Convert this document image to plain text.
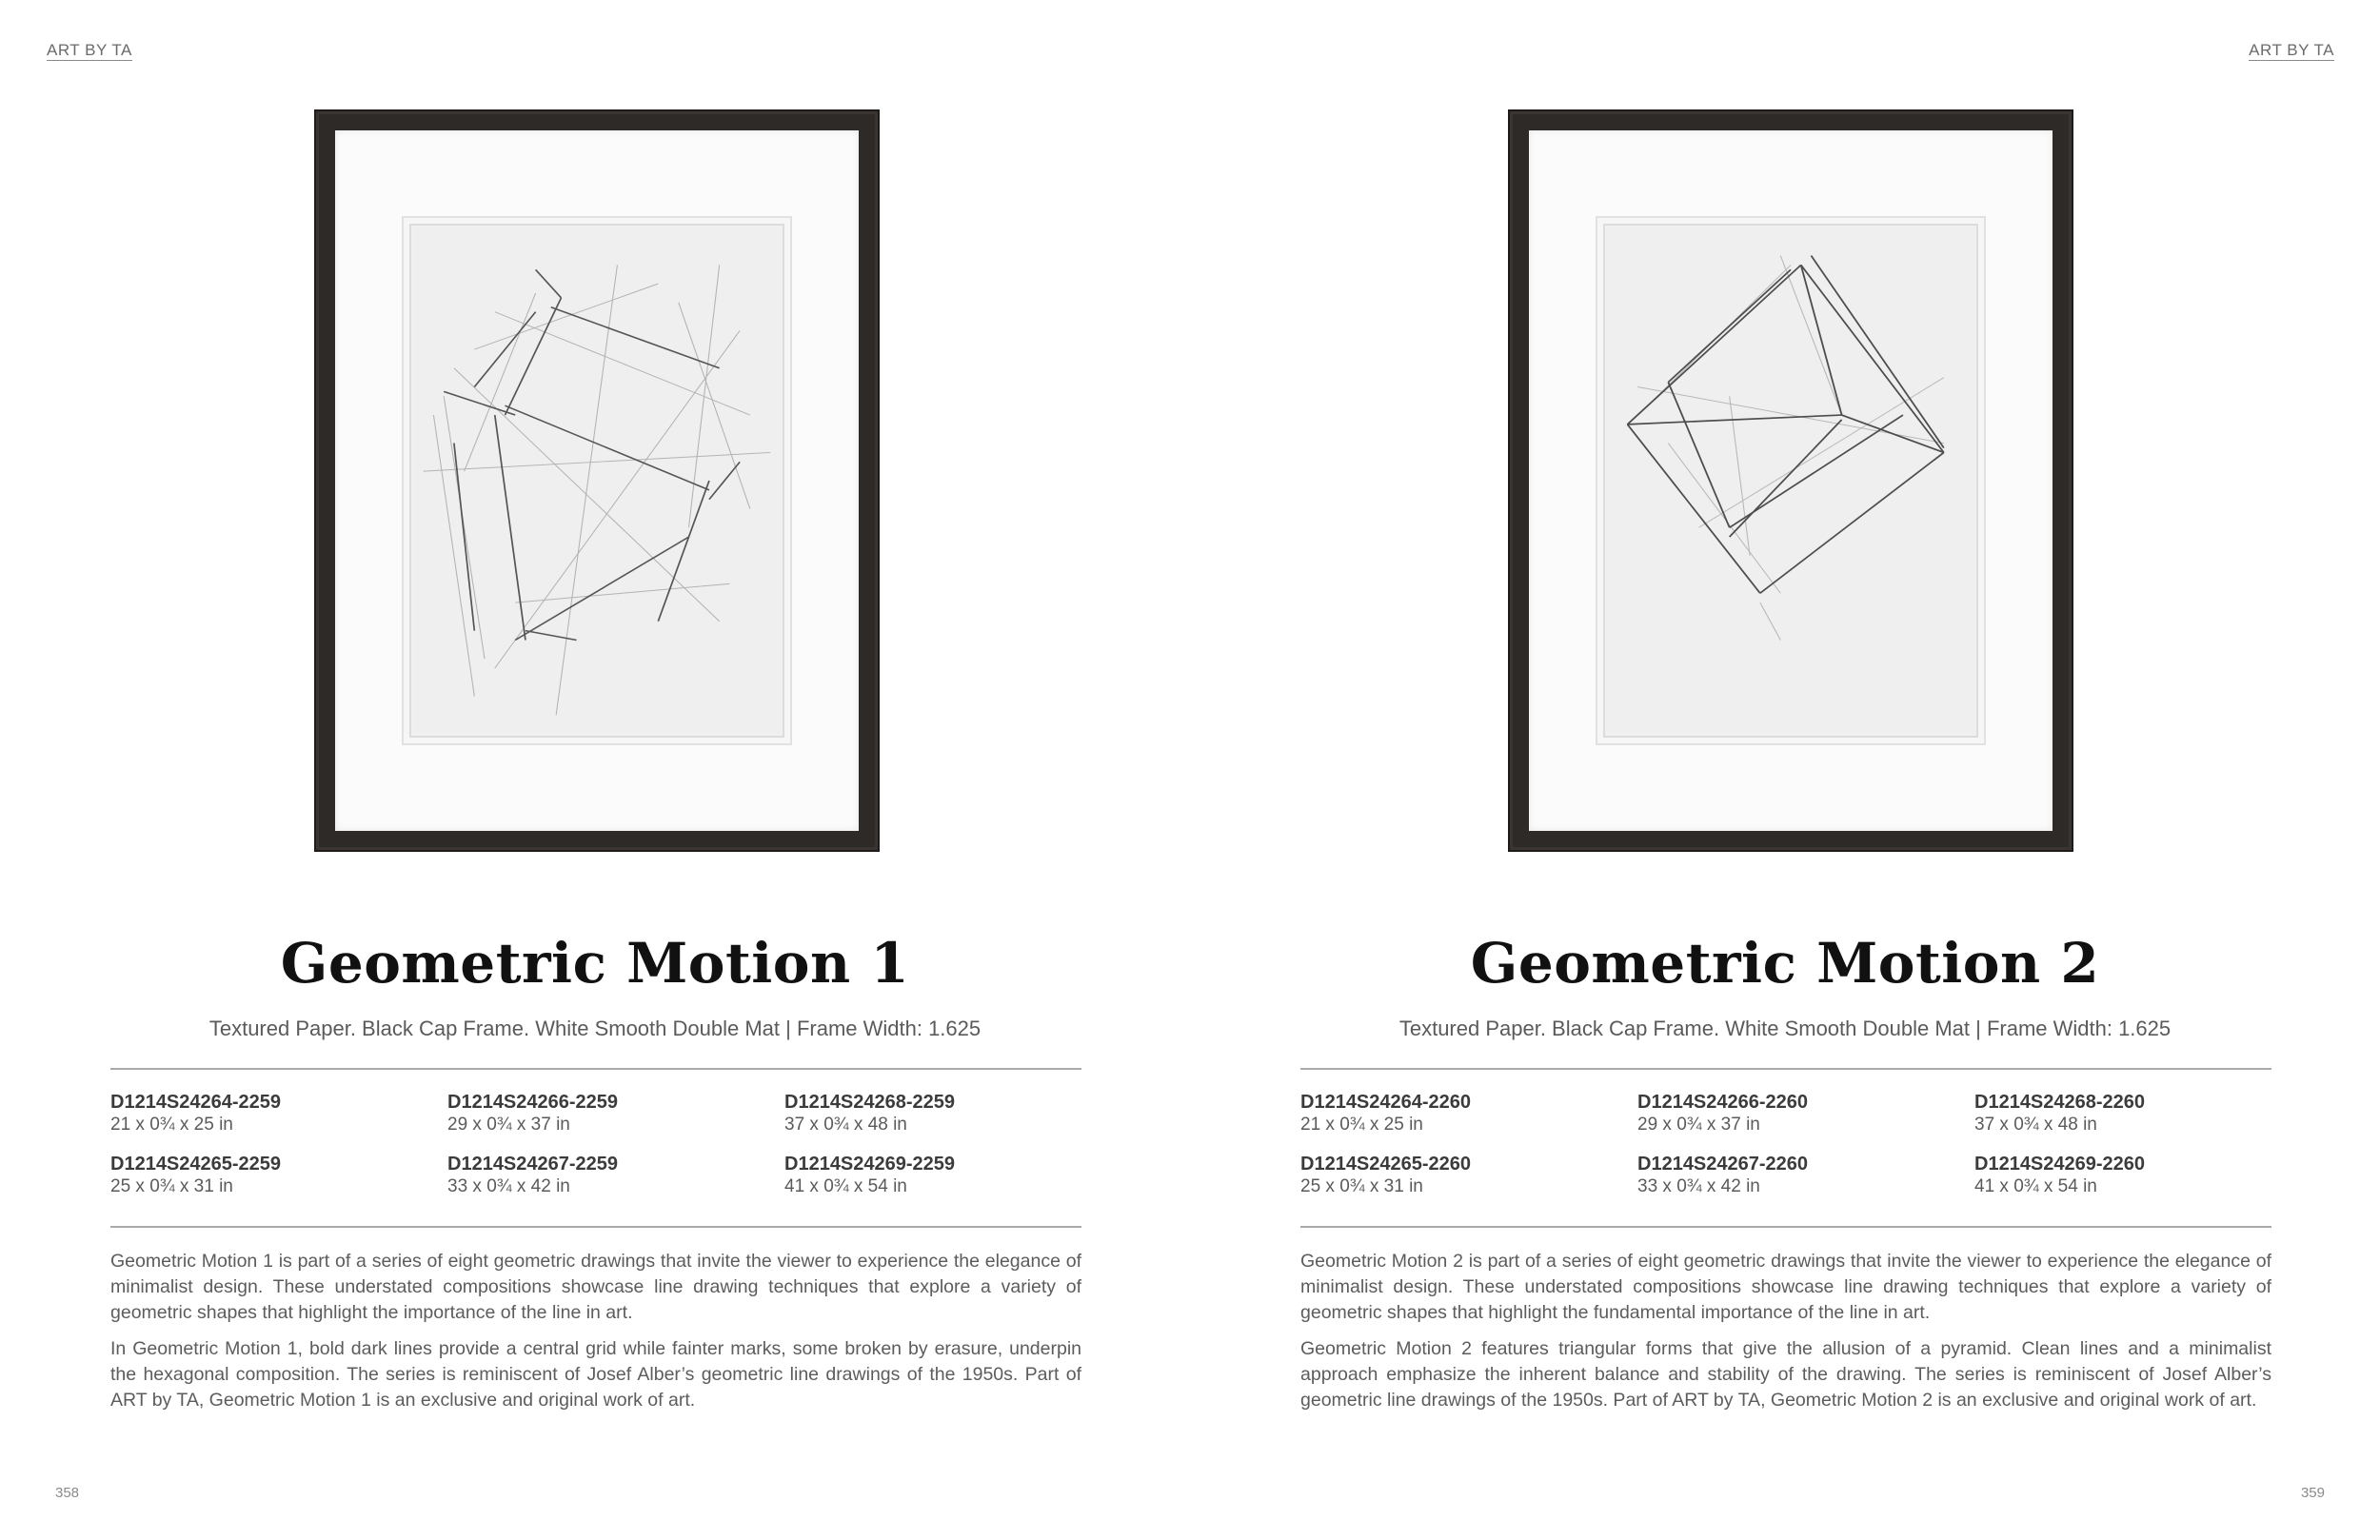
ART BY TA	ART BY TA
Geometric Motion 1
Textured Paper. Black Cap Frame. White Smooth Double Mat | Frame Width: 1.625
D1214S24264-2259
21 x 0¾ x 25 in
D1214S24266-2259
29 x 0¾ x 37 in
D1214S24268-2259
37 x 0¾ x 48 in
D1214S24265-2259
25 x 0¾ x 31 in
D1214S24267-2259
33 x 0¾ x 42 in
D1214S24269-2259
41 x 0¾ x 54 in

Geometric Motion 1 is part of a series of eight geometric drawings that invite the viewer to experience the elegance of minimalist design. These understated compositions showcase line drawing techniques that explore a variety of geometric shapes that highlight the importance of the line in art.

In Geometric Motion 1, bold dark lines provide a central grid while fainter marks, some broken by erasure, underpin the hexagonal composition. The series is reminiscent of Josef Alber’s geometric line drawings of the 1950s. Part of ART by TA, Geometric Motion 1 is an exclusive and original work of art.

Geometric Motion 2
Textured Paper. Black Cap Frame. White Smooth Double Mat | Frame Width: 1.625
D1214S24264-2260
21 x 0¾ x 25 in
D1214S24266-2260
29 x 0¾ x 37 in
D1214S24268-2260
37 x 0¾ x 48 in
D1214S24265-2260
25 x 0¾ x 31 in
D1214S24267-2260
33 x 0¾ x 42 in
D1214S24269-2260
41 x 0¾ x 54 in

Geometric Motion 2 is part of a series of eight geometric drawings that invite the viewer to experience the elegance of minimalist design. These understated compositions showcase line drawing techniques that explore a variety of geometric shapes that highlight the fundamental importance of the line in art.

Geometric Motion 2 features triangular forms that give the allusion of a pyramid. Clean lines and a minimalist approach emphasize the inherent balance and stability of the drawing. The series is reminiscent of Josef Alber’s geometric line drawings of the 1950s. Part of ART by TA, Geometric Motion 2 is an exclusive and original work of art.

358	359
